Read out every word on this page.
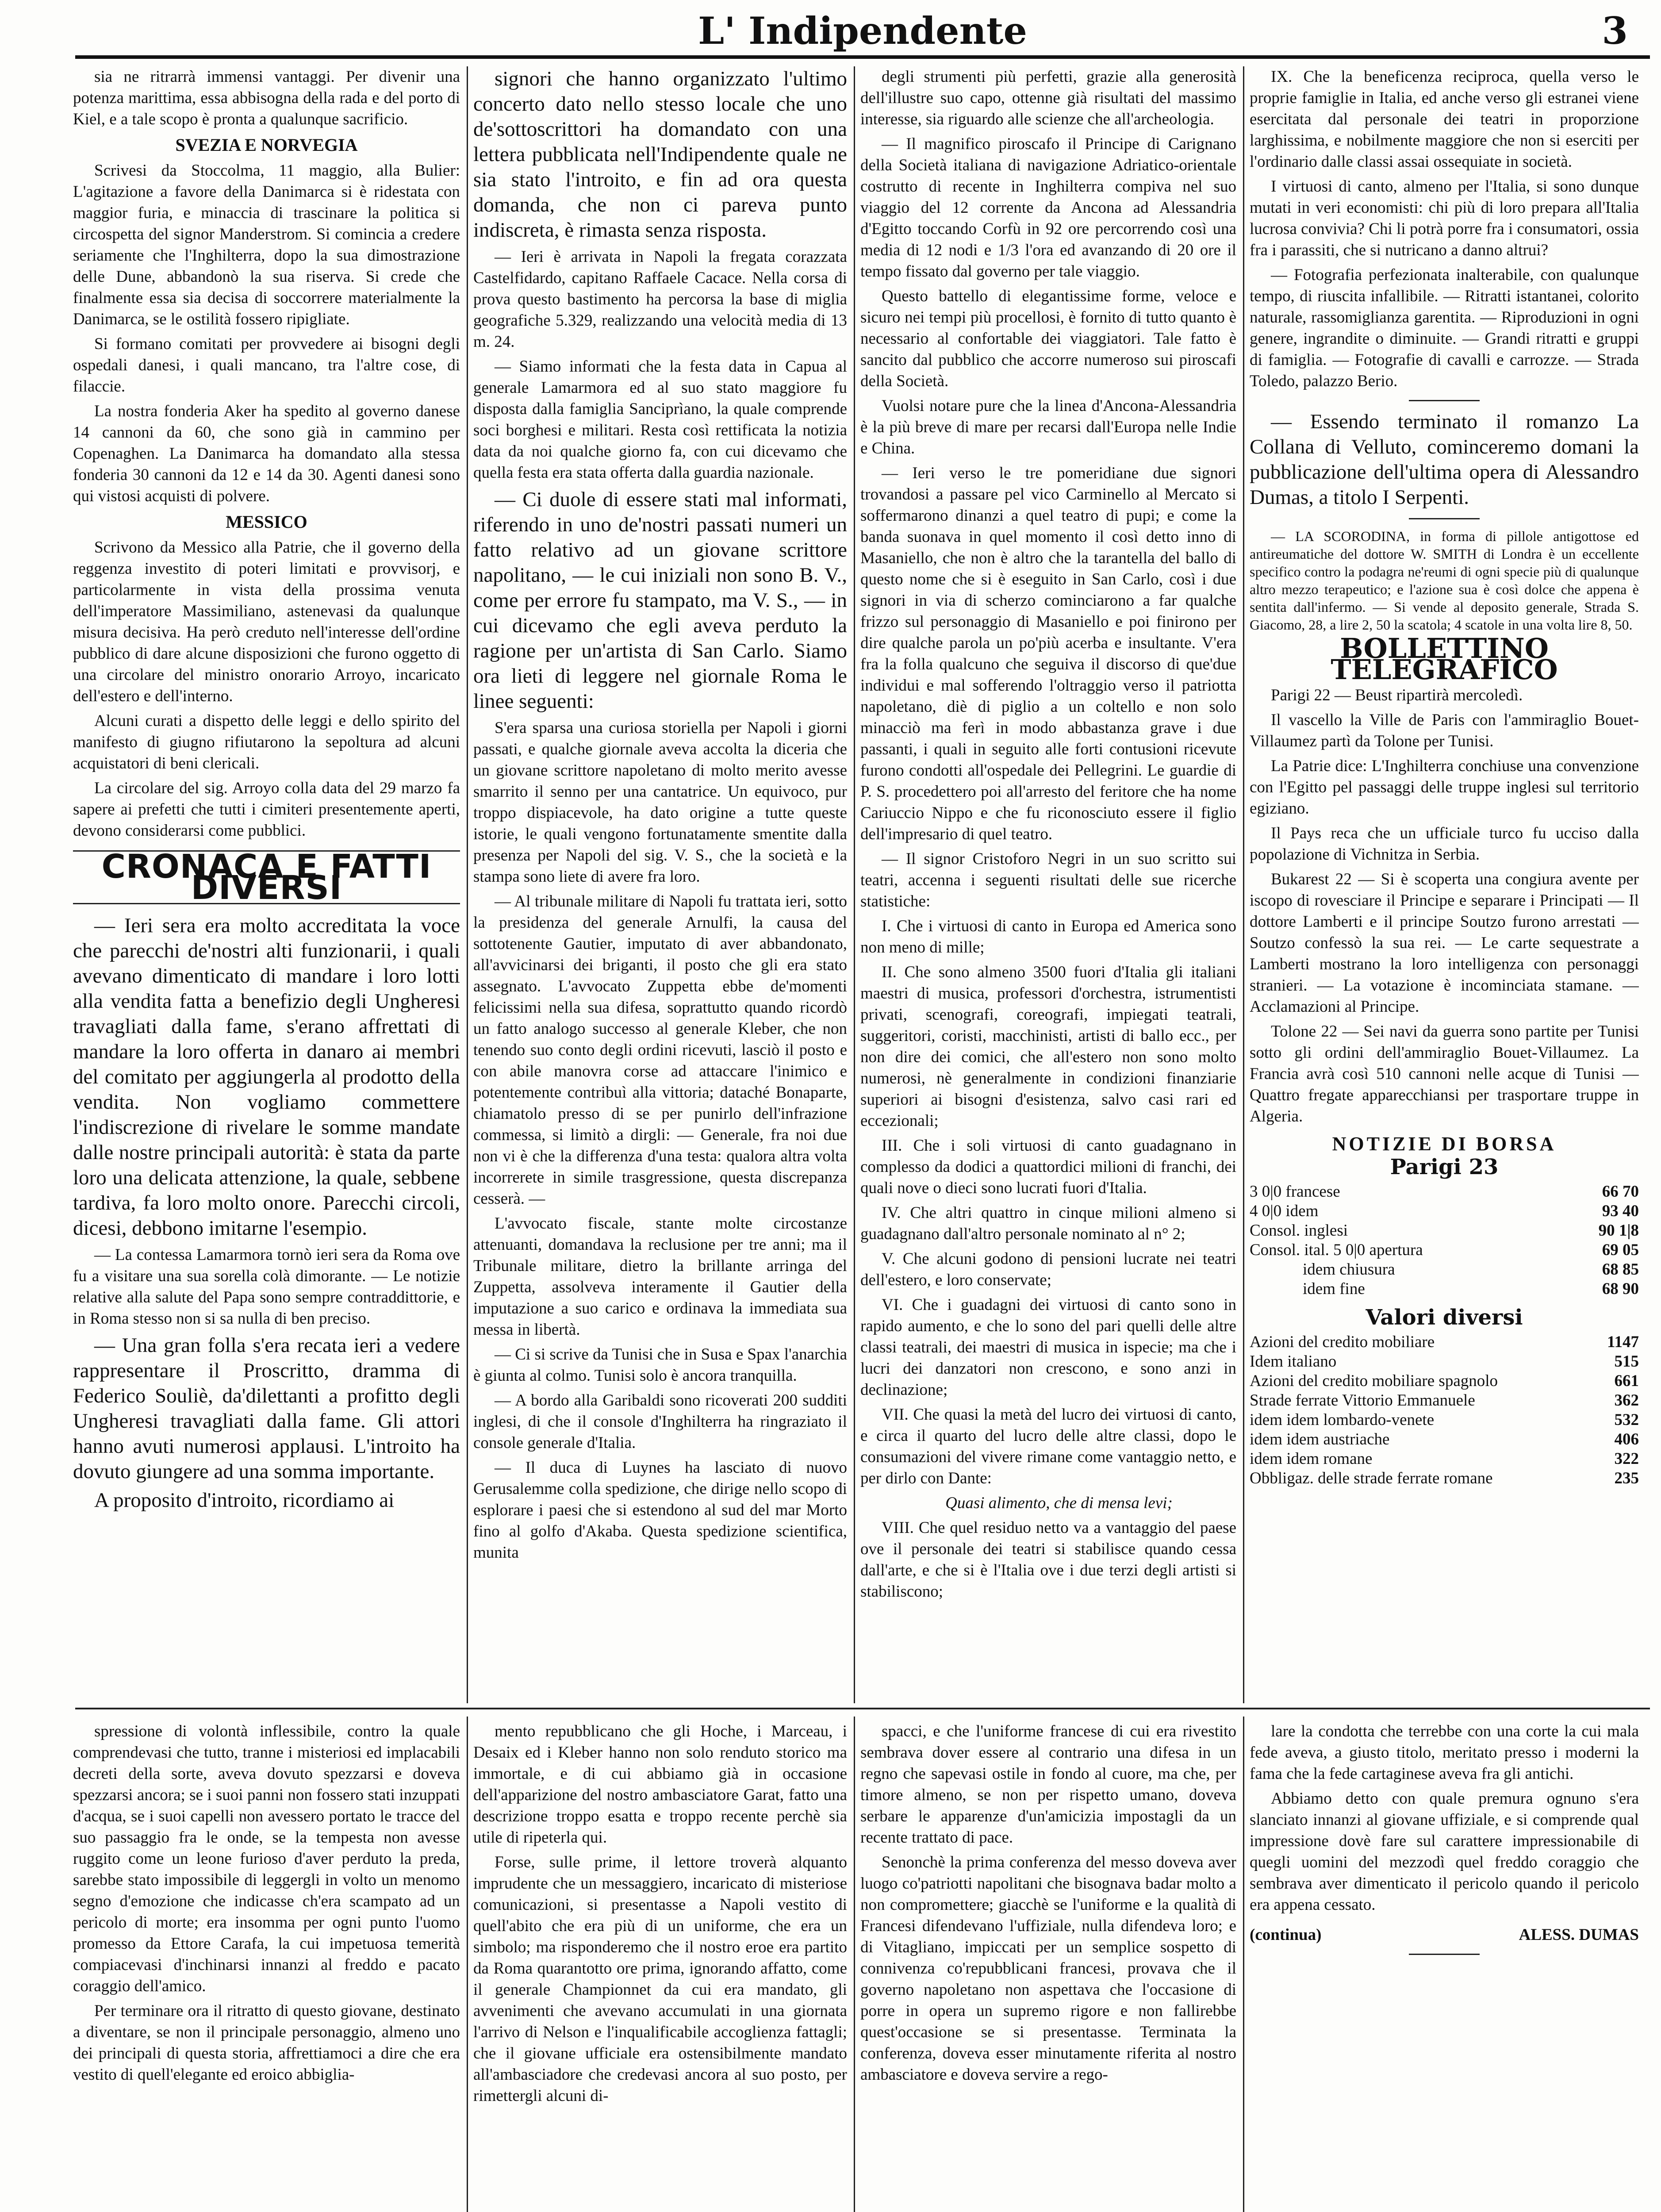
L' Indipendente	3

sia ne ritrarrà immensi vantaggi. Per divenir una potenza marittima, essa abbisogna della rada e del porto di Kiel, e a tale scopo è pronta a qualunque sacrificio.

SVEZIA E NORVEGIA

Scrivesi da Stoccolma, 11 maggio, alla Bulier: L'agitazione a favore della Danimarca si è ridestata con maggior furia, e minaccia di trascinare la politica si circospetta del signor Manderstrom. Si comincia a credere seriamente che l'Inghilterra, dopo la sua dimostrazione delle Dune, abbandonò la sua riserva. Si crede che finalmente essa sia decisa di soccorrere materialmente la Danimarca, se le ostilità fossero ripigliate.

Si formano comitati per provvedere ai bisogni degli ospedali danesi, i quali mancano, tra l'altre cose, di filaccie.

La nostra fonderia Aker ha spedito al governo danese 14 cannoni da 60, che sono già in cammino per Copenaghen. La Danimarca ha domandato alla stessa fonderia 30 cannoni da 12 e 14 da 30. Agenti danesi sono qui vistosi acquisti di polvere.

MESSICO

Scrivono da Messico alla Patrie, che il governo della reggenza investito di poteri limitati e provvisorj, e particolarmente in vista della prossima venuta dell'imperatore Massimiliano, astenevasi da qualunque misura decisiva. Ha però creduto nell'interesse dell'ordine pubblico di dare alcune disposizioni che furono oggetto di una circolare del ministro onorario Arroyo, incaricato dell'estero e dell'interno.

Alcuni curati a dispetto delle leggi e dello spirito del manifesto di giugno rifiutarono la sepoltura ad alcuni acquistatori di beni clericali.

La circolare del sig. Arroyo colla data del 29 marzo fa sapere ai prefetti che tutti i cimiteri presentemente aperti, devono considerarsi come pubblici.

CRONACA E FATTI DIVERSI

— Ieri sera era molto accreditata la voce che parecchi de'nostri alti funzionarii, i quali avevano dimenticato di mandare i loro lotti alla vendita fatta a benefizio degli Ungheresi travagliati dalla fame, s'erano affrettati di mandare la loro offerta in danaro ai membri del comitato per aggiungerla al prodotto della vendita. Non vogliamo commettere l'indiscrezione di rivelare le somme mandate dalle nostre principali autorità: è stata da parte loro una delicata attenzione, la quale, sebbene tardiva, fa loro molto onore. Parecchi circoli, dicesi, debbono imitarne l'esempio.

— La contessa Lamarmora tornò ieri sera da Roma ove fu a visitare una sua sorella colà dimorante. — Le notizie relative alla salute del Papa sono sempre contraddittorie, e in Roma stesso non si sa nulla di ben preciso.

— Una gran folla s'era recata ieri a vedere rappresentare il Proscritto, dramma di Federico Souliè, da'dilettanti a profitto degli Ungheresi travagliati dalla fame. Gli attori hanno avuti numerosi applausi. L'introito ha dovuto giungere ad una somma importante.

A proposito d'introito, ricordiamo ai

signori che hanno organizzato l'ultimo concerto dato nello stesso locale che uno de'sottoscrittori ha domandato con una lettera pubblicata nell'Indipendente quale ne sia stato l'introito, e fin ad ora questa domanda, che non ci pareva punto indiscreta, è rimasta senza risposta.

— Ieri è arrivata in Napoli la fregata corazzata Castelfidardo, capitano Raffaele Cacace. Nella corsa di prova questo bastimento ha percorsa la base di miglia geografiche 5.329, realizzando una velocità media di 13 m. 24.

— Siamo informati che la festa data in Capua al generale Lamarmora ed al suo stato maggiore fu disposta dalla famiglia Sanciprìano, la quale comprende soci borghesi e militari. Resta così rettificata la notizia data da noi qualche giorno fa, con cui dicevamo che quella festa era stata offerta dalla guardia nazionale.

— Ci duole di essere stati mal informati, riferendo in uno de'nostri passati numeri un fatto relativo ad un giovane scrittore napolitano, — le cui iniziali non sono B. V., come per errore fu stampato, ma V. S., — in cui dicevamo che egli aveva perduto la ragione per un'artista di San Carlo. Siamo ora lieti di leggere nel giornale Roma le linee seguenti:

S'era sparsa una curiosa storiella per Napoli i giorni passati, e qualche giornale aveva accolta la diceria che un giovane scrittore napoletano di molto merito avesse smarrito il senno per una cantatrice. Un equivoco, pur troppo dispiacevole, ha dato origine a tutte queste istorie, le quali vengono fortunatamente smentite dalla presenza per Napoli del sig. V. S., che la società e la stampa sono liete di avere fra loro.

— Al tribunale militare di Napoli fu trattata ieri, sotto la presidenza del generale Arnulfi, la causa del sottotenente Gautier, imputato di aver abbandonato, all'avvicinarsi dei briganti, il posto che gli era stato assegnato. L'avvocato Zuppetta ebbe de'momenti felicissimi nella sua difesa, soprattutto quando ricordò un fatto analogo successo al generale Kleber, che non tenendo suo conto degli ordini ricevuti, lasciò il posto e con abile manovra corse ad attaccare l'inimico e potentemente contribuì alla vittoria; dataché Bonaparte, chiamatolo presso di se per punirlo dell'infrazione commessa, si limitò a dirgli: — Generale, fra noi due non vi è che la differenza d'una testa: qualora altra volta incorrerete in simile trasgressione, questa discrepanza cesserà. —

L'avvocato fiscale, stante molte circostanze attenuanti, domandava la reclusione per tre anni; ma il Tribunale militare, dietro la brillante arringa del Zuppetta, assolveva interamente il Gautier della imputazione a suo carico e ordinava la immediata sua messa in libertà.

— Ci si scrive da Tunisi che in Susa e Spax l'anarchia è giunta al colmo. Tunisi solo è ancora tranquilla.

— A bordo alla Garibaldi sono ricoverati 200 sudditi inglesi, di che il console d'Inghilterra ha ringraziato il console generale d'Italia.

— Il duca di Luynes ha lasciato di nuovo Gerusalemme colla spedizione, che dirige nello scopo di esplorare i paesi che si estendono al sud del mar Morto fino al golfo d'Akaba. Questa spedizione scientifica, munita

degli strumenti più perfetti, grazie alla generosità dell'illustre suo capo, ottenne già risultati del massimo interesse, sia riguardo alle scienze che all'archeologia.

— Il magnifico piroscafo il Principe di Carignano della Società italiana di navigazione Adriatico-orientale costrutto di recente in Inghilterra compiva nel suo viaggio del 12 corrente da Ancona ad Alessandria d'Egitto toccando Corfù in 92 ore percorrendo così una media di 12 nodi e 1/3 l'ora ed avanzando di 20 ore il tempo fissato dal governo per tale viaggio.

Questo battello di elegantissime forme, veloce e sicuro nei tempi più procellosi, è fornito di tutto quanto è necessario al confortable dei viaggiatori. Tale fatto è sancito dal pubblico che accorre numeroso sui piroscafi della Società.

Vuolsi notare pure che la linea d'Ancona-Alessandria è la più breve di mare per recarsi dall'Europa nelle Indie e China.

— Ieri verso le tre pomeridiane due signori trovandosi a passare pel vico Carminello al Mercato si soffermarono dinanzi a quel teatro di pupi; e come la banda suonava in quel momento il così detto inno di Masaniello, che non è altro che la tarantella del ballo di questo nome che si è eseguito in San Carlo, così i due signori in via di scherzo cominciarono a far qualche frizzo sul personaggio di Masaniello e poi finirono per dire qualche parola un po'più acerba e insultante. V'era fra la folla qualcuno che seguiva il discorso di que'due individui e mal sofferendo l'oltraggio verso il patriotta napoletano, diè di piglio a un coltello e non solo minacciò ma ferì in modo abbastanza grave i due passanti, i quali in seguito alle forti contusioni ricevute furono condotti all'ospedale dei Pellegrini. Le guardie di P. S. procedettero poi all'arresto del feritore che ha nome Cariuccio Nippo e che fu riconosciuto essere il figlio dell'impresario di quel teatro.

— Il signor Cristoforo Negri in un suo scritto sui teatri, accenna i seguenti risultati delle sue ricerche statistiche:

I. Che i virtuosi di canto in Europa ed America sono non meno di mille;

II. Che sono almeno 3500 fuori d'Italia gli italiani maestri di musica, professori d'orchestra, istrumentisti privati, scenografi, coreografi, impiegati teatrali, suggeritori, coristi, macchinisti, artisti di ballo ecc., per non dire dei comici, che all'estero non sono molto numerosi, nè generalmente in condizioni finanziarie superiori ai bisogni d'esistenza, salvo casi rari ed eccezionali;

III. Che i soli virtuosi di canto guadagnano in complesso da dodici a quattordici milioni di franchi, dei quali nove o dieci sono lucrati fuori d'Italia.

IV. Che altri quattro in cinque milioni almeno si guadagnano dall'altro personale nominato al n° 2;

V. Che alcuni godono di pensioni lucrate nei teatri dell'estero, e loro conservate;

VI. Che i guadagni dei virtuosi di canto sono in rapido aumento, e che lo sono del pari quelli delle altre classi teatrali, dei maestri di musica in ispecie; ma che i lucri dei danzatori non crescono, e sono anzi in declinazione;

VII. Che quasi la metà del lucro dei virtuosi di canto, e circa il quarto del lucro delle altre classi, dopo le consumazioni del vivere rimane come vantaggio netto, e per dirlo con Dante:

Quasi alimento, che di mensa levi;

VIII. Che quel residuo netto va a vantaggio del paese ove il personale dei teatri si stabilisce quando cessa dall'arte, e che si è l'Italia ove i due terzi degli artisti si stabiliscono;

IX. Che la beneficenza reciproca, quella verso le proprie famiglie in Italia, ed anche verso gli estranei viene esercitata dal personale dei teatri in proporzione larghissima, e nobilmente maggiore che non si eserciti per l'ordinario dalle classi assai ossequiate in società.

I virtuosi di canto, almeno per l'Italia, si sono dunque mutati in veri economisti: chi più di loro prepara all'Italia lucrosa convivia? Chi li potrà porre fra i consumatori, ossia fra i parassiti, che si nutricano a danno altrui?

— Fotografia perfezionata inalterabile, con qualunque tempo, di riuscita infallibile. — Ritratti istantanei, colorito naturale, rassomiglianza garentita. — Riproduzioni in ogni genere, ingrandite o diminuite. — Grandi ritratti e gruppi di famiglia. — Fotografie di cavalli e carrozze. — Strada Toledo, palazzo Berio.

— Essendo terminato il romanzo La Collana di Velluto, cominceremo domani la pubblicazione dell'ultima opera di Alessandro Dumas, a titolo I Serpenti.

— LA SCORODINA, in forma di pillole antigottose ed antireumatiche del dottore W. SMITH di Londra è un eccellente specifico contro la podagra ne'reumi di ogni specie più di qualunque altro mezzo terapeutico; e l'azione sua è così dolce che appena è sentita dall'infermo. — Si vende al deposito generale, Strada S. Giacomo, 28, a lire 2, 50 la scatola; 4 scatole in una volta lire 8, 50.

BOLLETTINO TELEGRAFICO

Parigi 22 — Beust ripartirà mercoledì.

Il vascello la Ville de Paris con l'ammiraglio Bouet-Villaumez partì da Tolone per Tunisi.

La Patrie dice: L'Inghilterra conchiuse una convenzione con l'Egitto pel passaggi delle truppe inglesi sul territorio egiziano.

Il Pays reca che un ufficiale turco fu ucciso dalla popolazione di Vichnitza in Serbia.

Bukarest 22 — Si è scoperta una congiura avente per iscopo di rovesciare il Principe e separare i Principati — Il dottore Lamberti e il principe Soutzo furono arrestati — Soutzo confessò la sua rei. — Le carte sequestrate a Lamberti mostrano la loro intelligenza con personaggi stranieri. — La votazione è incominciata stamane. — Acclamazioni al Principe.

Tolone 22 — Sei navi da guerra sono partite per Tunisi sotto gli ordini dell'ammiraglio Bouet-Villaumez. La Francia avrà così 510 cannoni nelle acque di Tunisi — Quattro fregate apparecchiansi per trasportare truppe in Algeria.

NOTIZIE DI BORSA
Parigi 23
3 0|0 francese	66 70
4 0|0 idem	93 40
Consol. inglesi	90 1|8
Consol. ital. 5 0|0 apertura	69 05
idem chiusura	68 85
idem fine	68 90
Valori diversi
Azioni del credito mobiliare	1147
Idem italiano	515
Azioni del credito mobiliare spagnolo	661
Strade ferrate Vittorio Emmanuele	362
idem idem lombardo-venete	532
idem idem austriache	406
idem idem romane	322
Obbligaz. delle strade ferrate romane	235

spressione di volontà inflessibile, contro la quale comprendevasi che tutto, tranne i misteriosi ed implacabili decreti della sorte, aveva dovuto spezzarsi e doveva spezzarsi ancora; se i suoi panni non fossero stati inzuppati d'acqua, se i suoi capelli non avessero portato le tracce del suo passaggio fra le onde, se la tempesta non avesse ruggito come un leone furioso d'aver perduto la preda, sarebbe stato impossibile di leggergli in volto un menomo segno d'emozione che indicasse ch'era scampato ad un pericolo di morte; era insomma per ogni punto l'uomo promesso da Ettore Carafa, la cui impetuosa temerità compiacevasi d'inchinarsi innanzi al freddo e pacato coraggio dell'amico.

Per terminare ora il ritratto di questo giovane, destinato a diventare, se non il principale personaggio, almeno uno dei principali di questa storia, affrettiamoci a dire che era vestito di quell'elegante ed eroico abbiglia-

mento repubblicano che gli Hoche, i Marceau, i Desaix ed i Kleber hanno non solo renduto storico ma immortale, e di cui abbiamo già in occasione dell'apparizione del nostro ambasciatore Garat, fatto una descrizione troppo esatta e troppo recente perchè sia utile di ripeterla qui.

Forse, sulle prime, il lettore troverà alquanto imprudente che un messaggiero, incaricato di misteriose comunicazioni, si presentasse a Napoli vestito di quell'abito che era più di un uniforme, che era un simbolo; ma risponderemo che il nostro eroe era partito da Roma quarantotto ore prima, ignorando affatto, come il generale Championnet da cui era mandato, gli avvenimenti che avevano accumulati in una giornata l'arrivo di Nelson e l'inqualificabile accoglienza fattagli; che il giovane ufficiale era ostensibilmente mandato all'ambasciadore che credevasi ancora al suo posto, per rimettergli alcuni di-

spacci, e che l'uniforme francese di cui era rivestito sembrava dover essere al contrario una difesa in un regno che sapevasi ostile in fondo al cuore, ma che, per timore almeno, se non per rispetto umano, doveva serbare le apparenze d'un'amicizia impostagli da un recente trattato di pace.

Senonchè la prima conferenza del messo doveva aver luogo co'patriotti napolitani che bisognava badar molto a non compromettere; giacchè se l'uniforme e la qualità di Francesi difendevano l'uffiziale, nulla difendeva loro; e di Vitagliano, impiccati per un semplice sospetto di connivenza co'repubblicani francesi, provava che il governo napoletano non aspettava che l'occasione di porre in opera un supremo rigore e non fallirebbe quest'occasione se si presentasse. Terminata la conferenza, doveva esser minutamente riferita al nostro ambasciatore e doveva servire a rego-

lare la condotta che terrebbe con una corte la cui mala fede aveva, a giusto titolo, meritato presso i moderni la fama che la fede cartaginese aveva fra gli antichi.

Abbiamo detto con quale premura ognuno s'era slanciato innanzi al giovane uffiziale, e si comprende qual impressione dovè fare sul carattere impressionabile di quegli uomini del mezzodì quel freddo coraggio che sembrava aver dimenticato il pericolo quando il pericolo era appena cessato.

(continua)	ALESS. DUMAS
